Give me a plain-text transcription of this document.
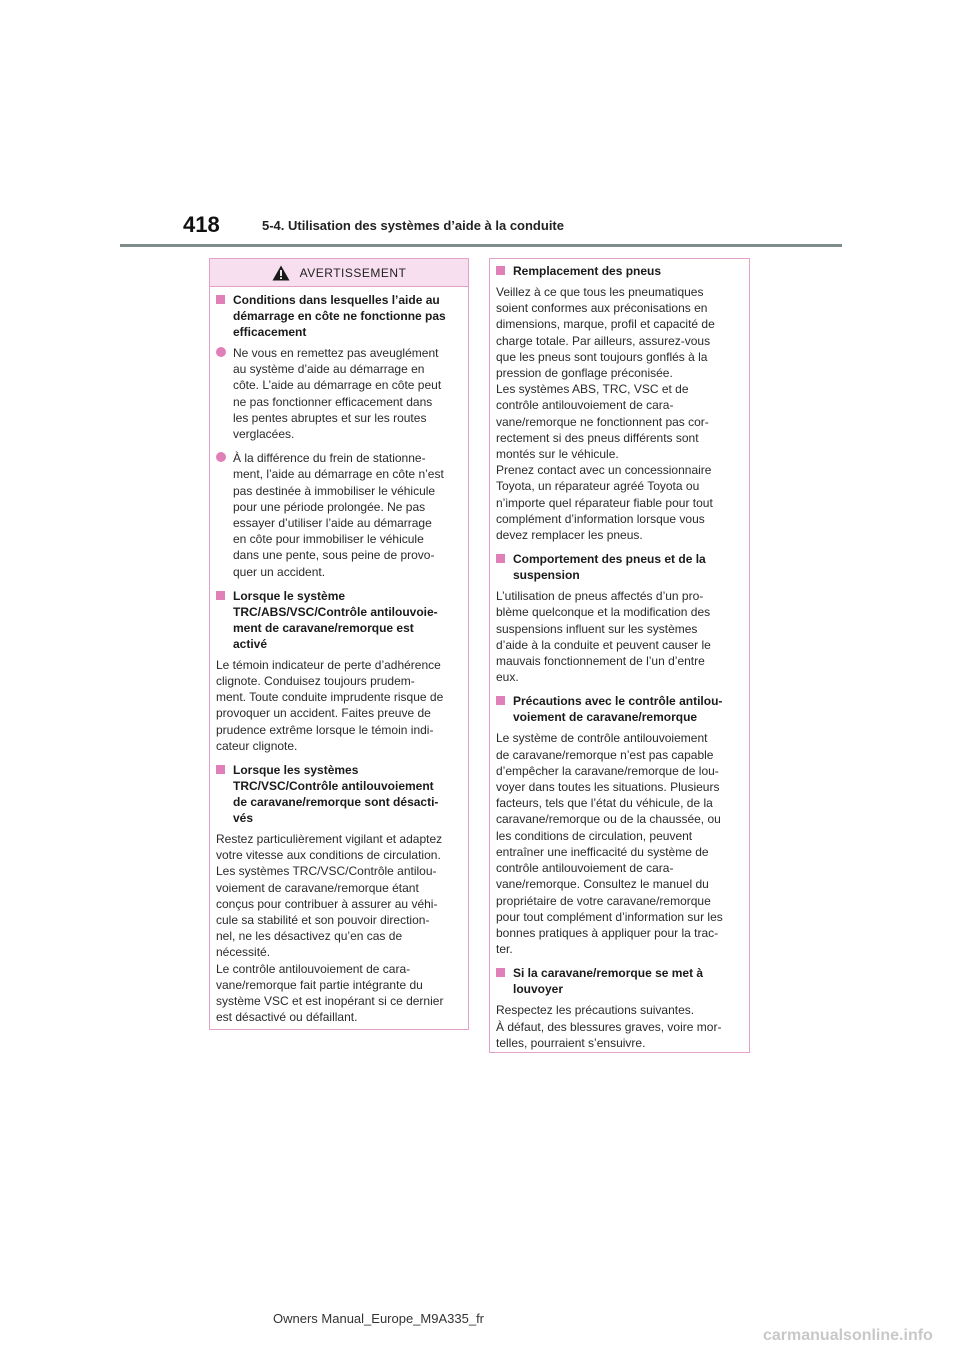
418	5-4. Utilisation des systèmes d’aide à la conduite
AVERTISSEMENT
Conditions dans lesquelles l’aide au
démarrage en côte ne fonctionne pas
efficacement
Ne vous en remettez pas aveuglément
au système d’aide au démarrage en
côte. L’aide au démarrage en côte peut
ne pas fonctionner efficacement dans
les pentes abruptes et sur les routes
verglacées.
À la différence du frein de stationne-
ment, l’aide au démarrage en côte n’est
pas destinée à immobiliser le véhicule
pour une période prolongée. Ne pas
essayer d’utiliser l’aide au démarrage
en côte pour immobiliser le véhicule
dans une pente, sous peine de provo-
quer un accident.
Lorsque le système
TRC/ABS/VSC/Contrôle antilouvoie-
ment de caravane/remorque est
activé
Le témoin indicateur de perte d’adhérence
clignote. Conduisez toujours prudem-
ment. Toute conduite imprudente risque de
provoquer un accident. Faites preuve de
prudence extrême lorsque le témoin indi-
cateur clignote.
Lorsque les systèmes
TRC/VSC/Contrôle antilouvoiement
de caravane/remorque sont désacti-
vés
Restez particulièrement vigilant et adaptez
votre vitesse aux conditions de circulation.
Les systèmes TRC/VSC/Contrôle antilou-
voiement de caravane/remorque étant
conçus pour contribuer à assurer au véhi-
cule sa stabilité et son pouvoir direction-
nel, ne les désactivez qu’en cas de
nécessité.
Le contrôle antilouvoiement de cara-
vane/remorque fait partie intégrante du
système VSC et est inopérant si ce dernier
est désactivé ou défaillant.
Remplacement des pneus
Veillez à ce que tous les pneumatiques
soient conformes aux préconisations en
dimensions, marque, profil et capacité de
charge totale. Par ailleurs, assurez-vous
que les pneus sont toujours gonflés à la
pression de gonflage préconisée.
Les systèmes ABS, TRC, VSC et de
contrôle antilouvoiement de cara-
vane/remorque ne fonctionnent pas cor-
rectement si des pneus différents sont
montés sur le véhicule.
Prenez contact avec un concessionnaire
Toyota, un réparateur agréé Toyota ou
n’importe quel réparateur fiable pour tout
complément d’information lorsque vous
devez remplacer les pneus.
Comportement des pneus et de la
suspension
L’utilisation de pneus affectés d’un pro-
blème quelconque et la modification des
suspensions influent sur les systèmes
d’aide à la conduite et peuvent causer le
mauvais fonctionnement de l’un d’entre
eux.
Précautions avec le contrôle antilou-
voiement de caravane/remorque
Le système de contrôle antilouvoiement
de caravane/remorque n’est pas capable
d’empêcher la caravane/remorque de lou-
voyer dans toutes les situations. Plusieurs
facteurs, tels que l’état du véhicule, de la
caravane/remorque ou de la chaussée, ou
les conditions de circulation, peuvent
entraîner une inefficacité du système de
contrôle antilouvoiement de cara-
vane/remorque. Consultez le manuel du
propriétaire de votre caravane/remorque
pour tout complément d’information sur les
bonnes pratiques à appliquer pour la trac-
ter.
Si la caravane/remorque se met à
louvoyer
Respectez les précautions suivantes.
À défaut, des blessures graves, voire mor-
telles, pourraient s’ensuivre.
Owners Manual_Europe_M9A335_fr
carmanualsonline.info
